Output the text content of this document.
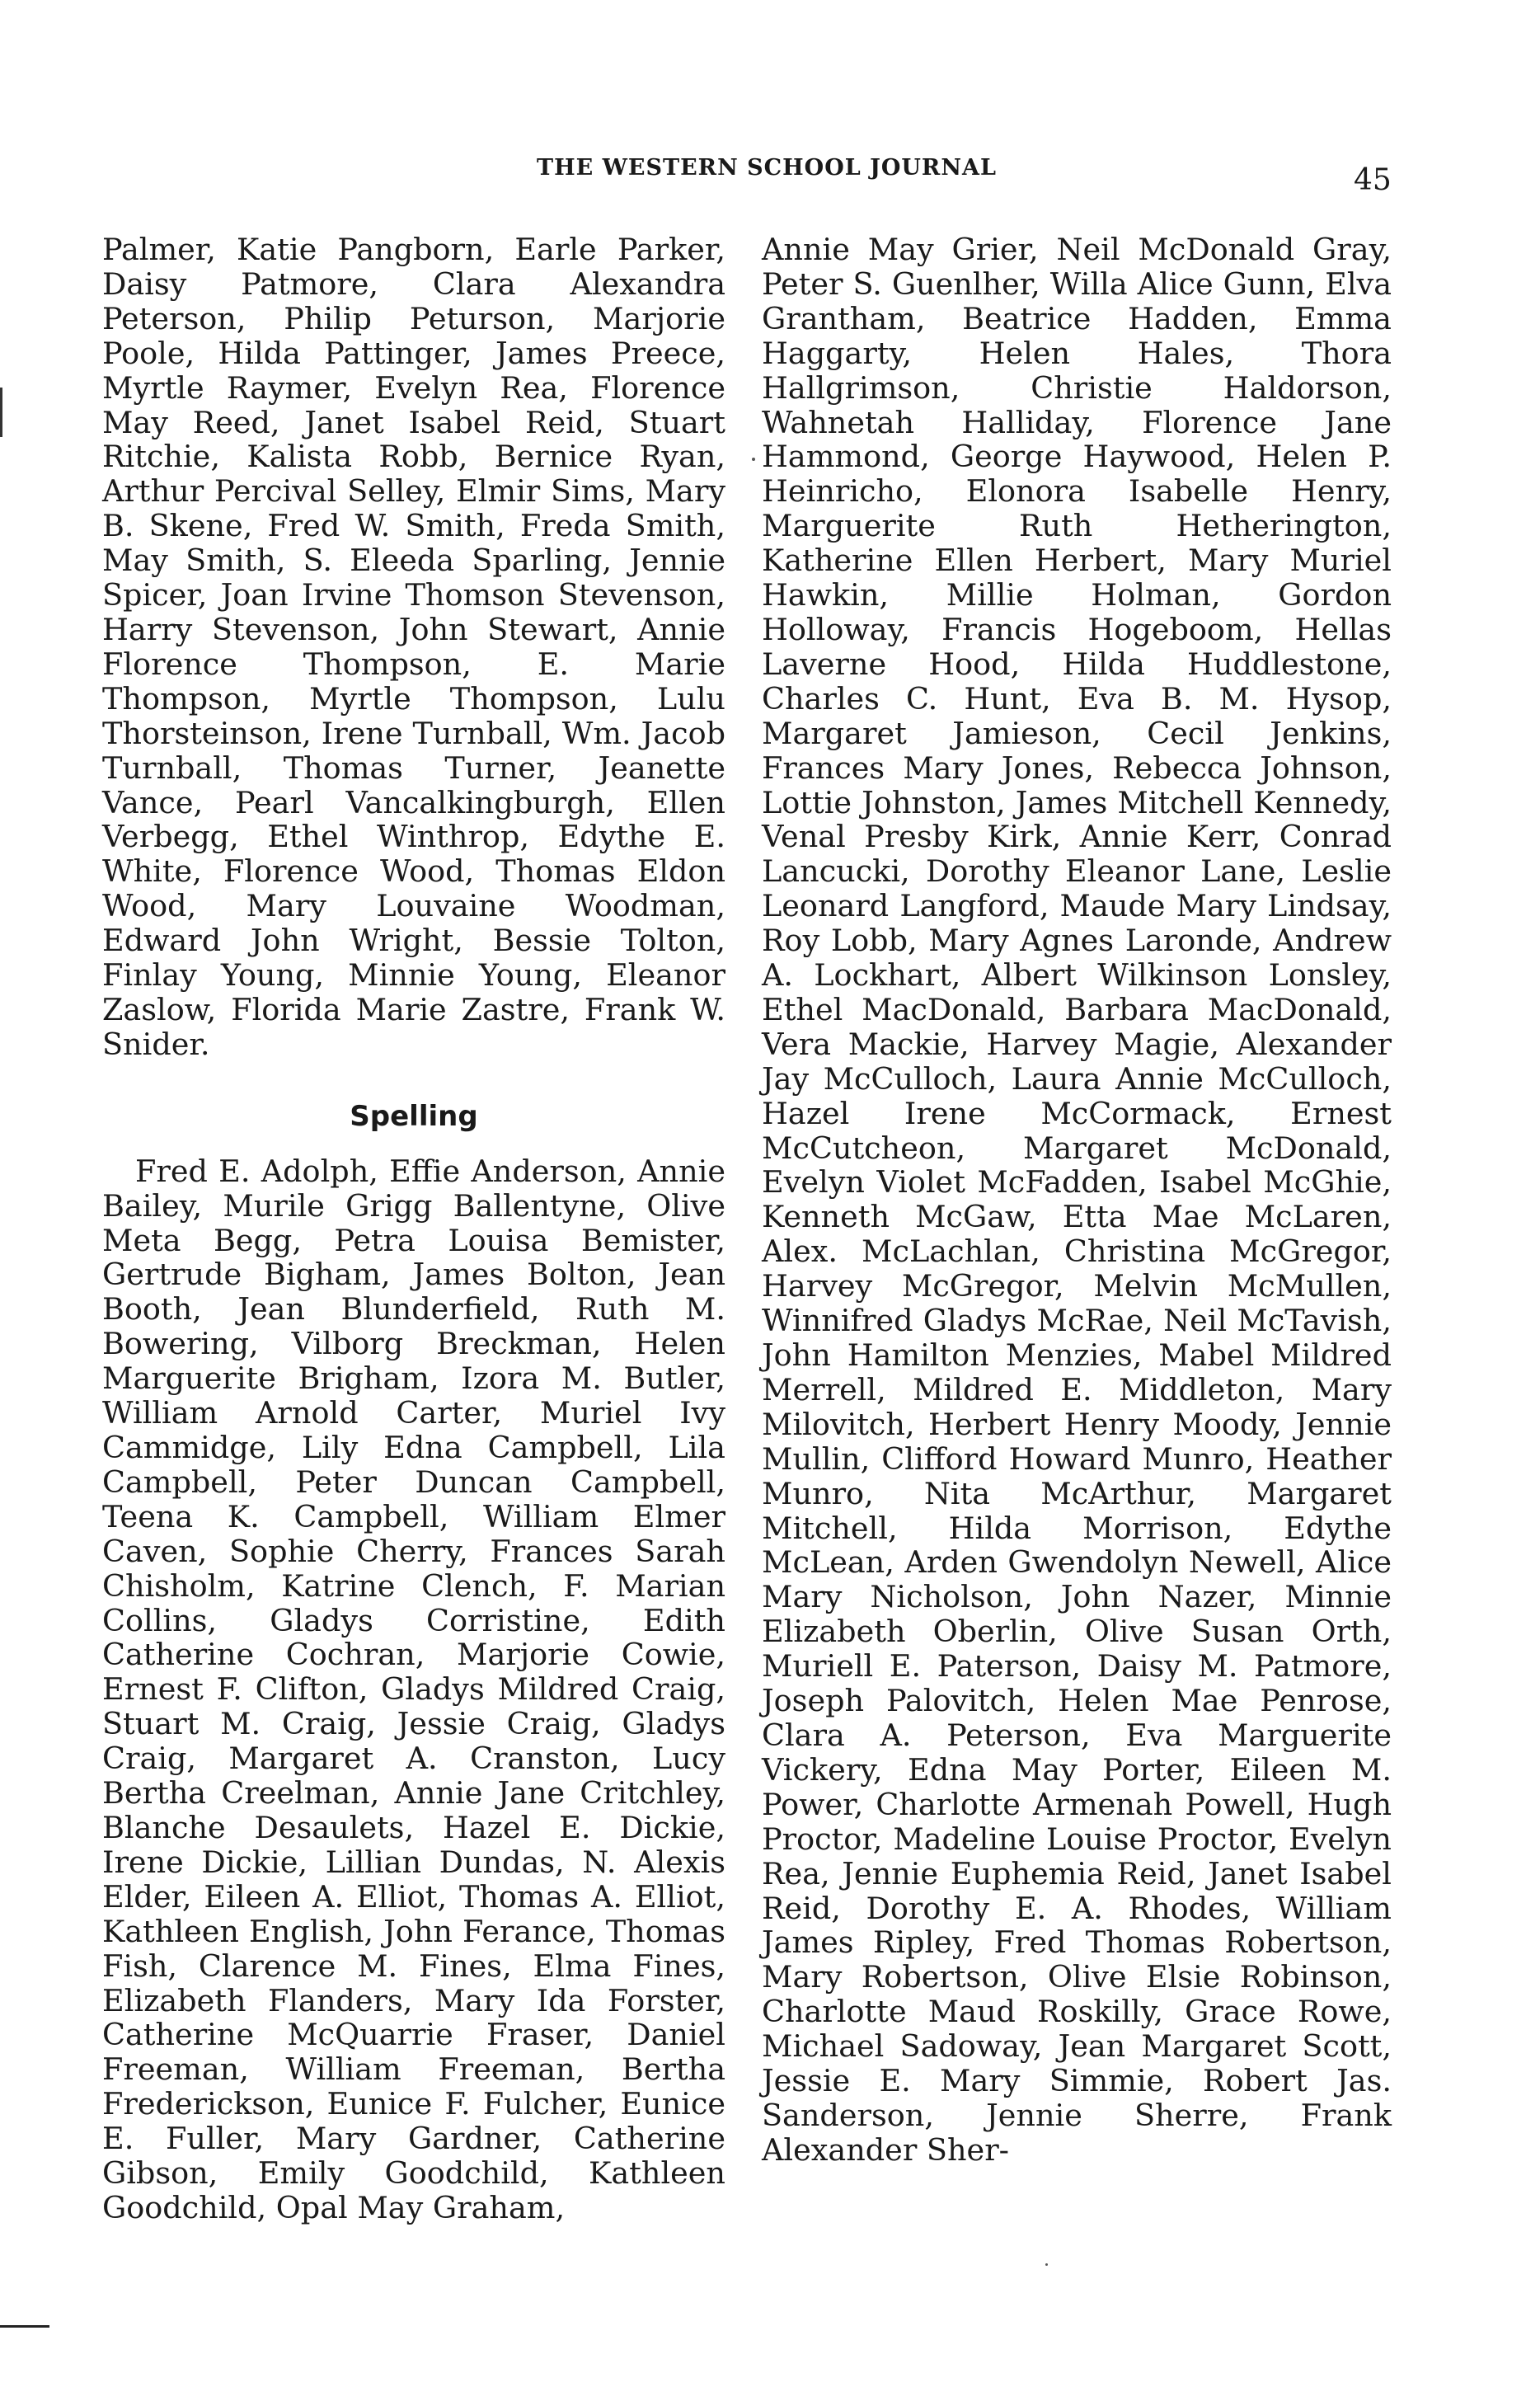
THE WESTERN SCHOOL JOURNAL	45

Palmer, Katie Pangborn, Earle Parker, Daisy Patmore, Clara Alexandra Peterson, Philip Peturson, Marjorie Poole, Hilda Pattinger, James Preece, Myrtle Raymer, Evelyn Rea, Florence May Reed, Janet Isabel Reid, Stuart Ritchie, Kalista Robb, Bernice Ryan, Arthur Percival Selley, Elmir Sims, Mary B. Skene, Fred W. Smith, Freda Smith, May Smith, S. Eleeda Sparling, Jennie Spicer, Joan Irvine Thomson Stevenson, Harry Stevenson, John Stewart, Annie Florence Thompson, E. Marie Thompson, Myrtle Thompson, Lulu Thorsteinson, Irene Turnball, Wm. Jacob Turnball, Thomas Turner, Jeanette Vance, Pearl Vancalkingburgh, Ellen Verbegg, Ethel Winthrop, Edythe E. White, Florence Wood, Thomas Eldon Wood, Mary Louvaine Woodman, Edward John Wright, Bessie Tolton, Finlay Young, Minnie Young, Eleanor Zaslow, Florida Marie Zastre, Frank W. Snider.

Spelling

Fred E. Adolph, Effie Anderson, Annie Bailey, Murile Grigg Ballentyne, Olive Meta Begg, Petra Louisa Bemister, Gertrude Bigham, James Bolton, Jean Booth, Jean Blunderfield, Ruth M. Bowering, Vilborg Breckman, Helen Marguerite Brigham, Izora M. Butler, William Arnold Carter, Muriel Ivy Cammidge, Lily Edna Campbell, Lila Campbell, Peter Duncan Campbell, Teena K. Campbell, William Elmer Caven, Sophie Cherry, Frances Sarah Chisholm, Katrine Clench, F. Marian Collins, Gladys Corristine, Edith Catherine Cochran, Marjorie Cowie, Ernest F. Clifton, Gladys Mildred Craig, Stuart M. Craig, Jessie Craig, Gladys Craig, Margaret A. Cranston, Lucy Bertha Creelman, Annie Jane Critchley, Blanche Desaulets, Hazel E. Dickie, Irene Dickie, Lillian Dundas, N. Alexis Elder, Eileen A. Elliot, Thomas A. Elliot, Kathleen English, John Ferance, Thomas Fish, Clarence M. Fines, Elma Fines, Elizabeth Flanders, Mary Ida Forster, Catherine McQuarrie Fraser, Daniel Freeman, William Freeman, Bertha Frederickson, Eunice F. Fulcher, Eunice E. Fuller, Mary Gardner, Catherine Gibson, Emily Goodchild, Kathleen Goodchild, Opal May Graham,

Annie May Grier, Neil McDonald Gray, Peter S. Guenlher, Willa Alice Gunn, Elva Grantham, Beatrice Hadden, Emma Haggarty, Helen Hales, Thora Hallgrimson, Christie Haldorson, Wahnetah Halliday, Florence Jane Hammond, George Haywood, Helen P. Heinricho, Elonora Isabelle Henry, Marguerite Ruth Hetherington, Katherine Ellen Herbert, Mary Muriel Hawkin, Millie Holman, Gordon Holloway, Francis Hogeboom, Hellas Laverne Hood, Hilda Huddlestone, Charles C. Hunt, Eva B. M. Hysop, Margaret Jamieson, Cecil Jenkins, Frances Mary Jones, Rebecca Johnson, Lottie Johnston, James Mitchell Kennedy, Venal Presby Kirk, Annie Kerr, Conrad Lancucki, Dorothy Eleanor Lane, Leslie Leonard Langford, Maude Mary Lindsay, Roy Lobb, Mary Agnes Laronde, Andrew A. Lockhart, Albert Wilkinson Lonsley, Ethel MacDonald, Barbara MacDonald, Vera Mackie, Harvey Magie, Alexander Jay McCulloch, Laura Annie McCulloch, Hazel Irene McCormack, Ernest McCutcheon, Margaret McDonald, Evelyn Violet McFadden, Isabel McGhie, Kenneth McGaw, Etta Mae McLaren, Alex. McLachlan, Christina McGregor, Harvey McGregor, Melvin McMullen, Winnifred Gladys McRae, Neil McTavish, John Hamilton Menzies, Mabel Mildred Merrell, Mildred E. Middleton, Mary Milovitch, Herbert Henry Moody, Jennie Mullin, Clifford Howard Munro, Heather Munro, Nita McArthur, Margaret Mitchell, Hilda Morrison, Edythe McLean, Arden Gwendolyn Newell, Alice Mary Nicholson, John Nazer, Minnie Elizabeth Oberlin, Olive Susan Orth, Muriell E. Paterson, Daisy M. Patmore, Joseph Palovitch, Helen Mae Penrose, Clara A. Peterson, Eva Marguerite Vickery, Edna May Porter, Eileen M. Power, Charlotte Armenah Powell, Hugh Proctor, Madeline Louise Proctor, Evelyn Rea, Jennie Euphemia Reid, Janet Isabel Reid, Dorothy E. A. Rhodes, William James Ripley, Fred Thomas Robertson, Mary Robertson, Olive Elsie Robinson, Charlotte Maud Roskilly, Grace Rowe, Michael Sadoway, Jean Margaret Scott, Jessie E. Mary Simmie, Robert Jas. Sanderson, Jennie Sherre, Frank Alexander Sher-
